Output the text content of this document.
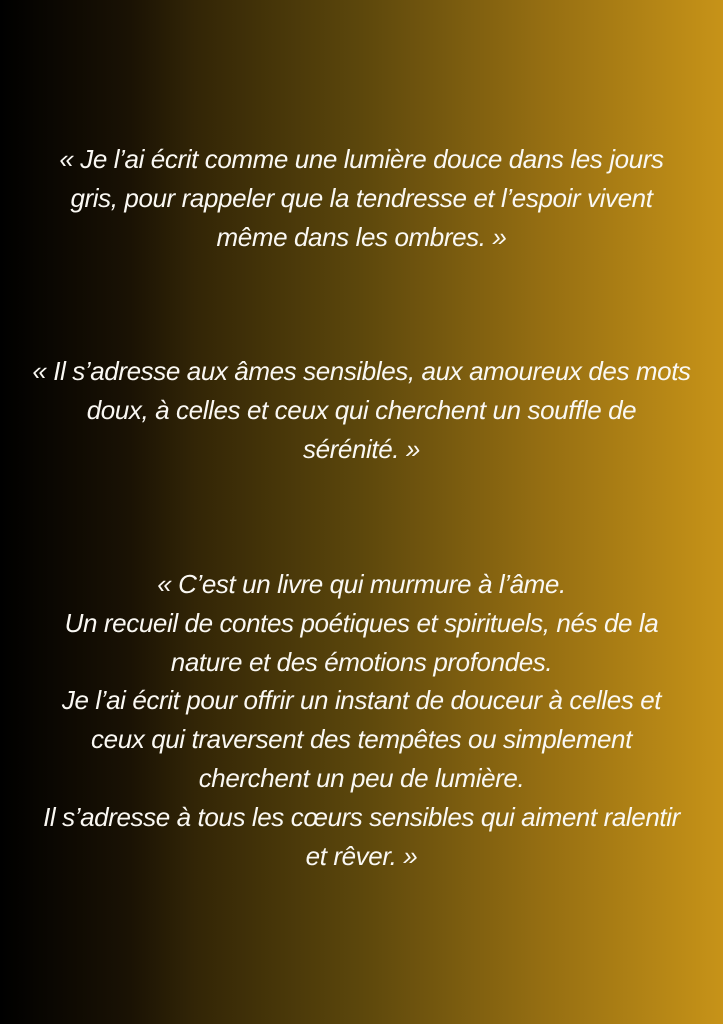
« Je l’ai écrit comme une lumière douce dans les jours
gris, pour rappeler que la tendresse et l’espoir vivent
même dans les ombres. »
« Il s’adresse aux âmes sensibles, aux amoureux des mots
doux, à celles et ceux qui cherchent un souffle de
sérénité. »
« C’est un livre qui murmure à l’âme.
Un recueil de contes poétiques et spirituels, nés de la
nature et des émotions profondes.
Je l’ai écrit pour offrir un instant de douceur à celles et
ceux qui traversent des tempêtes ou simplement
cherchent un peu de lumière.
Il s’adresse à tous les cœurs sensibles qui aiment ralentir
et rêver. »
